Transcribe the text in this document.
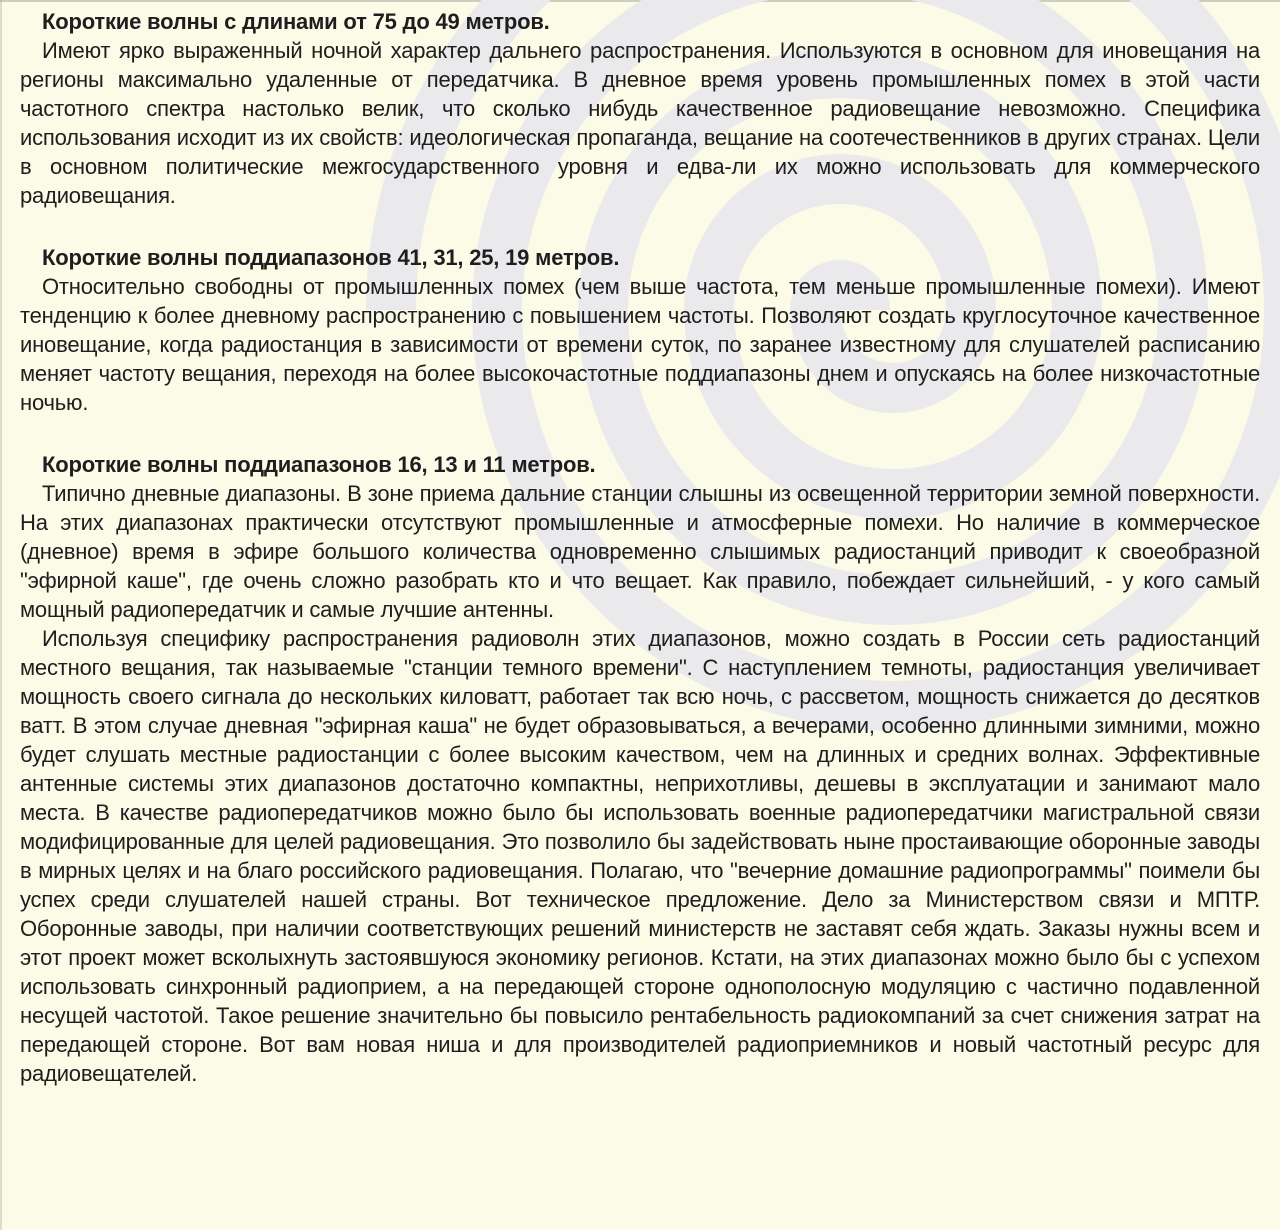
Короткие волны с длинами от 75 до 49 метров.

Имеют ярко выраженный ночной характер дальнего распространения. Используются в основном для иновещания на регионы максимально удаленные от передатчика. В дневное время уровень промышленных помех в этой части частотного спектра настолько велик, что сколько нибудь качественное радиовещание невозможно. Специфика использования исходит из их свойств: идеологическая пропаганда, вещание на соотечественников в других странах. Цели в основном политические межгосударственного уровня и едва-ли их можно использовать для коммерческого радиовещания.

Короткие волны поддиапазонов 41, 31, 25, 19 метров.

Относительно свободны от промышленных помех (чем выше частота, тем меньше промышленные помехи). Имеют тенденцию к более дневному распространению с повышением частоты. Позволяют создать круглосуточное качественное иновещание, когда радиостанция в зависимости от времени суток, по заранее известному для слушателей расписанию меняет частоту вещания, переходя на более высокочастотные поддиапазоны днем и опускаясь на более низкочастотные ночью.

Короткие волны поддиапазонов 16, 13 и 11 метров.

Типично дневные диапазоны. В зоне приема дальние станции слышны из освещенной территории земной поверхности. На этих диапазонах практически отсутствуют промышленные и атмосферные помехи. Но наличие в коммерческое (дневное) время в эфире большого количества одновременно слышимых радиостанций приводит к своеобразной "эфирной каше", где очень сложно разобрать кто и что вещает. Как правило, побеждает сильнейший, - у кого самый мощный радиопередатчик и самые лучшие антенны.

Используя специфику распространения радиоволн этих диапазонов, можно создать в России сеть радиостанций местного вещания, так называемые "станции темного времени". С наступлением темноты, радиостанция увеличивает мощность своего сигнала до нескольких киловатт, работает так всю ночь, с рассветом, мощность снижается до десятков ватт. В этом случае дневная "эфирная каша" не будет образовываться, а вечерами, особенно длинными зимними, можно будет слушать местные радиостанции с более высоким качеством, чем на длинных и средних волнах. Эффективные антенные системы этих диапазонов достаточно компактны, неприхотливы, дешевы в эксплуатации и занимают мало места. В качестве радиопередатчиков можно было бы использовать военные радиопередатчики магистральной связи модифицированные для целей радиовещания. Это позволило бы задействовать ныне простаивающие оборонные заводы в мирных целях и на благо российского радиовещания. Полагаю, что "вечерние домашние радиопрограммы" поимели бы успех среди слушателей нашей страны. Вот техническое предложение. Дело за Министерством связи и МПТР. Оборонные заводы, при наличии соответствующих решений министерств не заставят себя ждать. Заказы нужны всем и этот проект может всколыхнуть застоявшуюся экономику регионов. Кстати, на этих диапазонах можно было бы с успехом использовать синхронный радиоприем, а на передающей стороне однополосную модуляцию с частично подавленной несущей частотой. Такое решение значительно бы повысило рентабельность радиокомпаний за счет снижения затрат на передающей стороне. Вот вам новая ниша и для производителей радиоприемников и новый частотный ресурс для радиовещателей.
